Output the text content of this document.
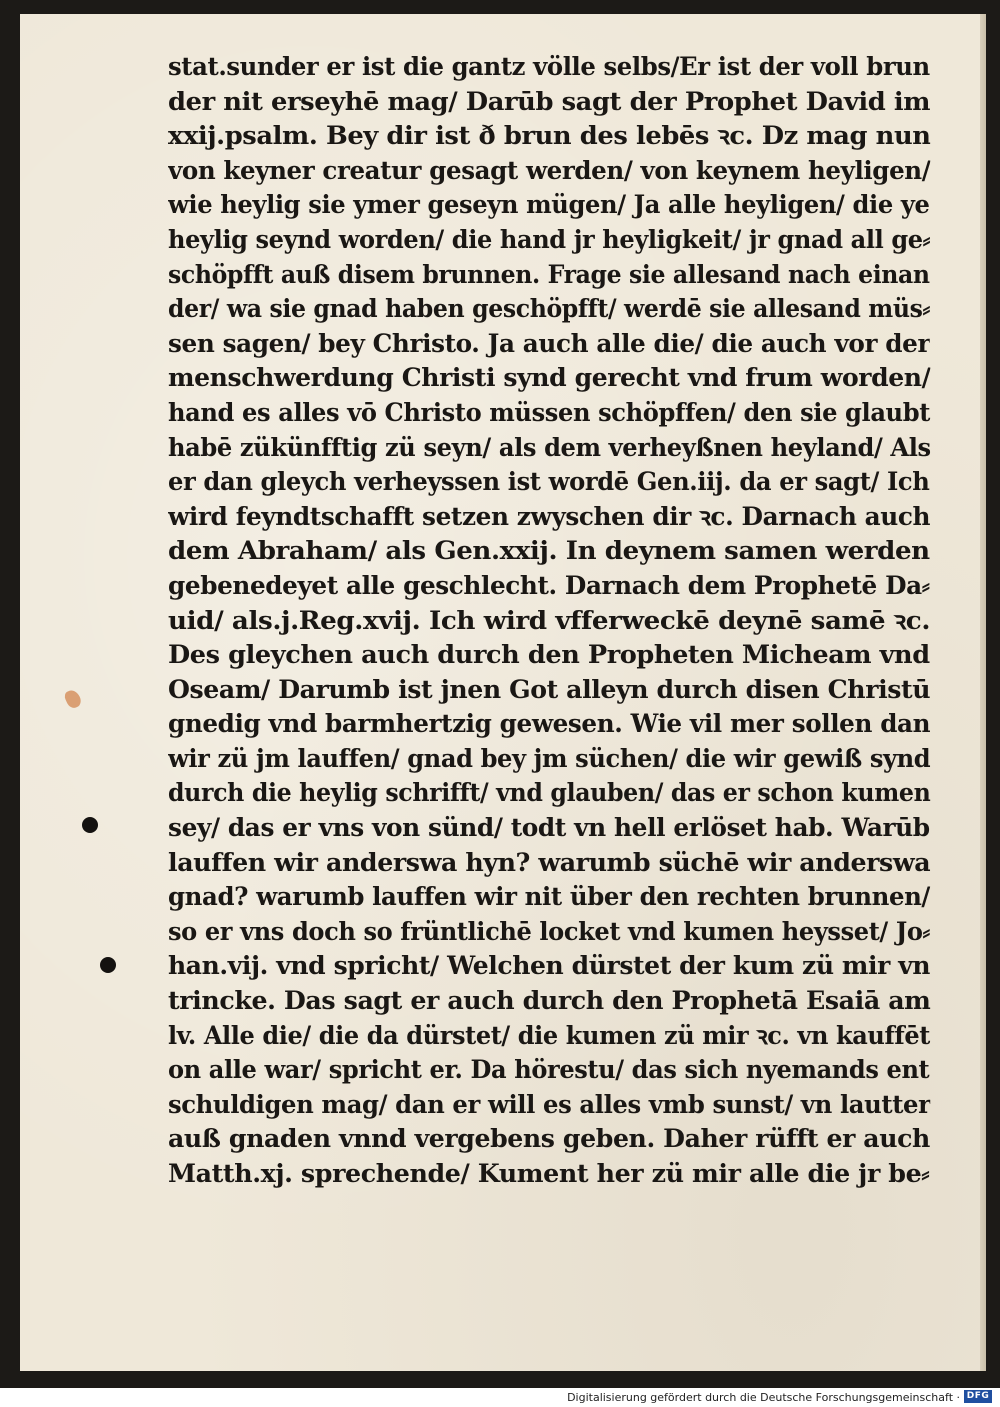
stat.sunder er ist die gantz völle selbs/Er ist der voll brun
der nit erseyhē mag/ Darūb sagt der Prophet David im
xxij.psalm. Bey dir ist ð brun des lebēs ꝛc. Dz mag nun
von keyner creatur gesagt werden/ von keynem heyligen/
wie heylig sie ymer geseyn mügen/ Ja alle heyligen/ die ye
heylig seynd worden/ die hand jr heyligkeit/ jr gnad all ge⸗
schöpfft auß disem brunnen. Frage sie allesand nach einan
der/ wa sie gnad haben geschöpfft/ werdē sie allesand müs⸗
sen sagen/ bey Christo. Ja auch alle die/ die auch vor der
menschwerdung Christi synd gerecht vnd frum worden/
hand es alles vō Christo müssen schöpffen/ den sie glaubt
habē zükünfftig zü seyn/ als dem verheyßnen heyland/ Als
er dan gleych verheyssen ist wordē Gen.iij. da er sagt/ Ich
wird feyndtschafft setzen zwyschen dir ꝛc. Darnach auch
dem Abraham/ als Gen.xxij. In deynem samen werden
gebenedeyet alle geschlecht. Darnach dem Prophetē Da⸗
uid/ als.j.Reg.xvij. Ich wird vfferweckē deynē samē ꝛc.
Des gleychen auch durch den Propheten Micheam vnd
Oseam/ Darumb ist jnen Got alleyn durch disen Christū
gnedig vnd barmhertzig gewesen. Wie vil mer sollen dan
wir zü jm lauffen/ gnad bey jm süchen/ die wir gewiß synd
durch die heylig schrifft/ vnd glauben/ das er schon kumen
sey/ das er vns von sünd/ todt vn hell erlöset hab. Warūb
lauffen wir anderswa hyn? warumb süchē wir anderswa
gnad? warumb lauffen wir nit über den rechten brunnen/
so er vns doch so früntlichē locket vnd kumen heysset/ Jo⸗
han.vij. vnd spricht/ Welchen dürstet der kum zü mir vn
trincke. Das sagt er auch durch den Prophetā Esaiā am
lv. Alle die/ die da dürstet/ die kumen zü mir ꝛc. vn kauffēt
on alle war/ spricht er. Da hörestu/ das sich nyemands ent
schuldigen mag/ dan er will es alles vmb sunst/ vn lautter
auß gnaden vnnd vergebens geben. Daher rüfft er auch
Matth.xj. sprechende/ Kument her zü mir alle die jr be⸗
Digitalisierung gefördert durch die Deutsche Forschungsgemeinschaft · DFG
